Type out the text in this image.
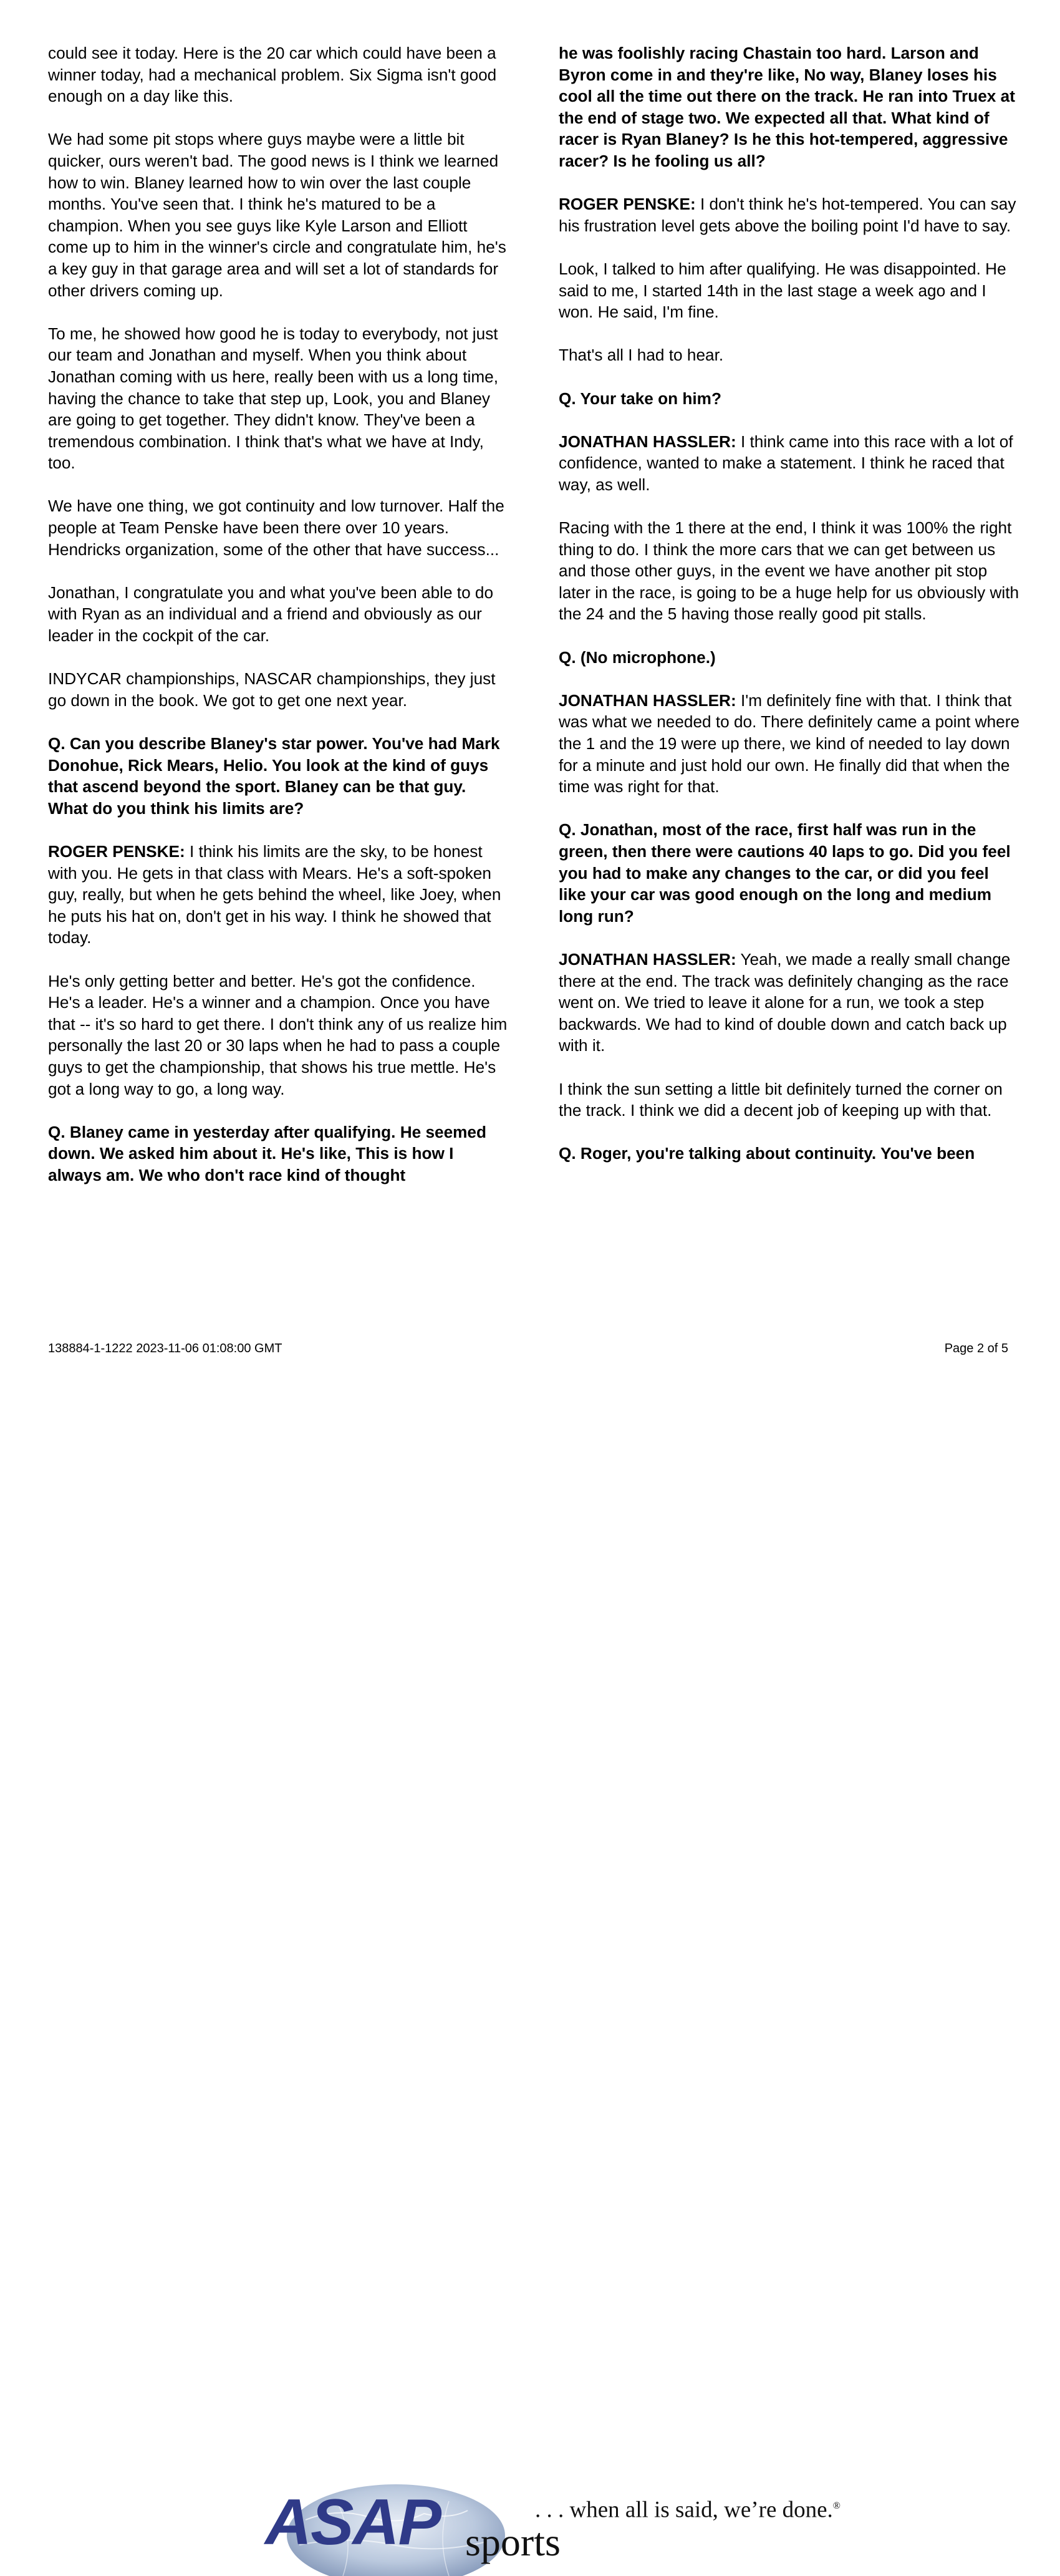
could see it today. Here is the 20 car which could have been a winner today, had a mechanical problem. Six Sigma isn't good enough on a day like this.

We had some pit stops where guys maybe were a little bit quicker, ours weren't bad. The good news is I think we learned how to win. Blaney learned how to win over the last couple months. You've seen that. I think he's matured to be a champion. When you see guys like Kyle Larson and Elliott come up to him in the winner's circle and congratulate him, he's a key guy in that garage area and will set a lot of standards for other drivers coming up.

To me, he showed how good he is today to everybody, not just our team and Jonathan and myself. When you think about Jonathan coming with us here, really been with us a long time, having the chance to take that step up, Look, you and Blaney are going to get together. They didn't know. They've been a tremendous combination. I think that's what we have at Indy, too.

We have one thing, we got continuity and low turnover. Half the people at Team Penske have been there over 10 years. Hendricks organization, some of the other that have success...

Jonathan, I congratulate you and what you've been able to do with Ryan as an individual and a friend and obviously as our leader in the cockpit of the car.

INDYCAR championships, NASCAR championships, they just go down in the book. We got to get one next year.

Q. Can you describe Blaney's star power. You've had Mark Donohue, Rick Mears, Helio. You look at the kind of guys that ascend beyond the sport. Blaney can be that guy. What do you think his limits are?

ROGER PENSKE: I think his limits are the sky, to be honest with you. He gets in that class with Mears. He's a soft-spoken guy, really, but when he gets behind the wheel, like Joey, when he puts his hat on, don't get in his way. I think he showed that today.

He's only getting better and better. He's got the confidence. He's a leader. He's a winner and a champion. Once you have that -- it's so hard to get there. I don't think any of us realize him personally the last 20 or 30 laps when he had to pass a couple guys to get the championship, that shows his true mettle. He's got a long way to go, a long way.

Q. Blaney came in yesterday after qualifying. He seemed down. We asked him about it. He's like, This is how I always am. We who don't race kind of thought

he was foolishly racing Chastain too hard. Larson and Byron come in and they're like, No way, Blaney loses his cool all the time out there on the track. He ran into Truex at the end of stage two. We expected all that. What kind of racer is Ryan Blaney? Is he this hot-tempered, aggressive racer? Is he fooling us all?

ROGER PENSKE: I don't think he's hot-tempered. You can say his frustration level gets above the boiling point I'd have to say.

Look, I talked to him after qualifying. He was disappointed. He said to me, I started 14th in the last stage a week ago and I won. He said, I'm fine.

That's all I had to hear.

Q. Your take on him?

JONATHAN HASSLER: I think came into this race with a lot of confidence, wanted to make a statement. I think he raced that way, as well.

Racing with the 1 there at the end, I think it was 100% the right thing to do. I think the more cars that we can get between us and those other guys, in the event we have another pit stop later in the race, is going to be a huge help for us obviously with the 24 and the 5 having those really good pit stalls.

Q. (No microphone.)

JONATHAN HASSLER: I'm definitely fine with that. I think that was what we needed to do. There definitely came a point where the 1 and the 19 were up there, we kind of needed to lay down for a minute and just hold our own. He finally did that when the time was right for that.

Q. Jonathan, most of the race, first half was run in the green, then there were cautions 40 laps to go. Did you feel you had to make any changes to the car, or did you feel like your car was good enough on the long and medium long run?

JONATHAN HASSLER: Yeah, we made a really small change there at the end. The track was definitely changing as the race went on. We tried to leave it alone for a run, we took a step backwards. We had to kind of double down and catch back up with it.

I think the sun setting a little bit definitely turned the corner on the track. I think we did a decent job of keeping up with that.

Q. Roger, you're talking about continuity. You've been

ASAP sports
. . . when all is said, we’re done.®
138884-1-1222 2023-11-06 01:08:00 GMT	Page 2 of 5
